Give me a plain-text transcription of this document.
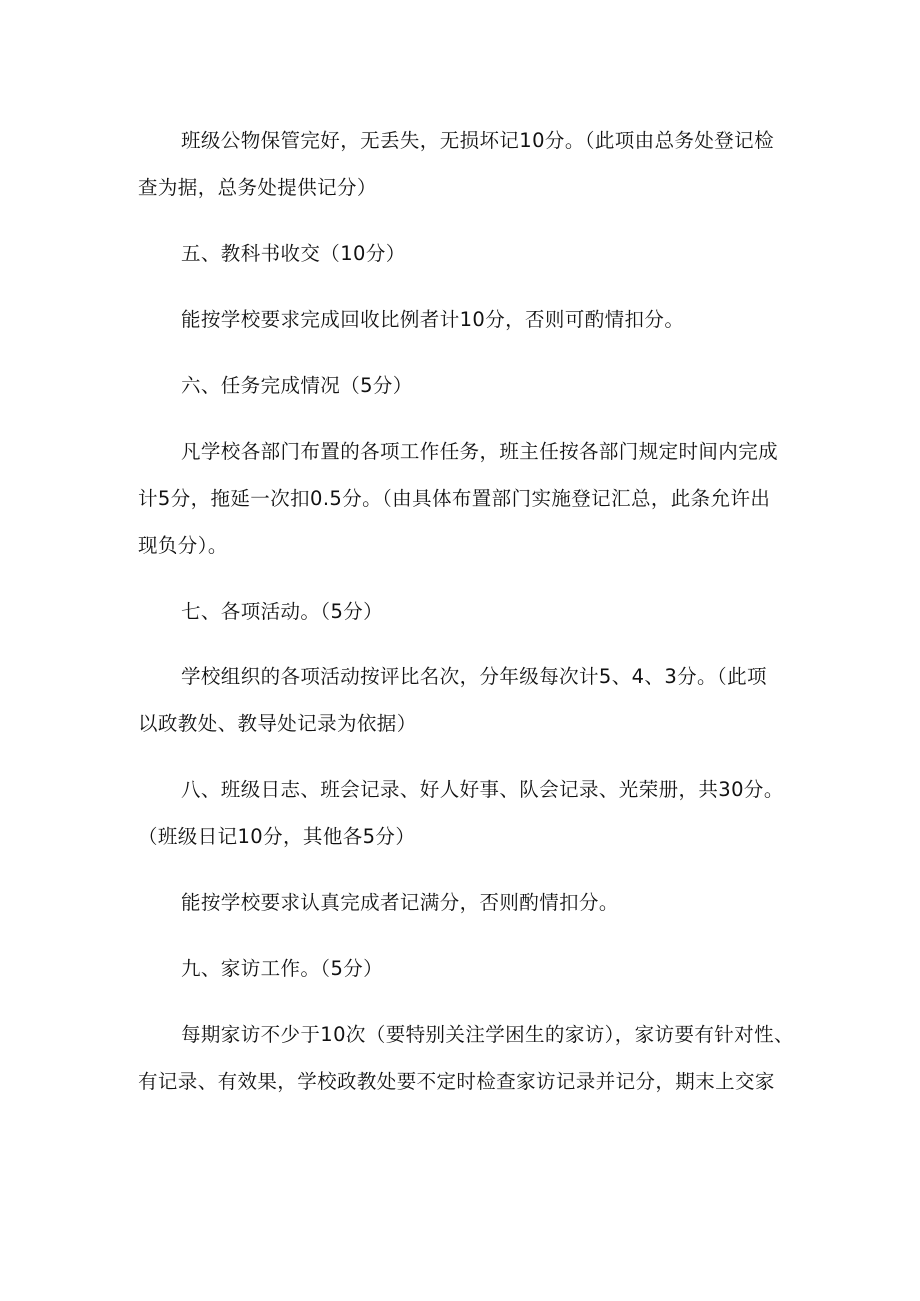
班级公物保管完好，无丢失，无损坏记10分。（此项由总务处登记检
查为据，总务处提供记分）
五、教科书收交（10分）
能按学校要求完成回收比例者计10分，否则可酌情扣分。
六、任务完成情况（5分）
凡学校各部门布置的各项工作任务，班主任按各部门规定时间内完成
计5分，拖延一次扣0.5分。（由具体布置部门实施登记汇总，此条允许出
现负分）。
七、各项活动。（5分）
学校组织的各项活动按评比名次，分年级每次计5、4、3分。（此项
以政教处、教导处记录为依据）
八、班级日志、班会记录、好人好事、队会记录、光荣册，共30分。
（班级日记10分，其他各5分）
能按学校要求认真完成者记满分，否则酌情扣分。
九、家访工作。（5分）
每期家访不少于10次（要特别关注学困生的家访），家访要有针对性、
有记录、有效果，学校政教处要不定时检查家访记录并记分，期末上交家
